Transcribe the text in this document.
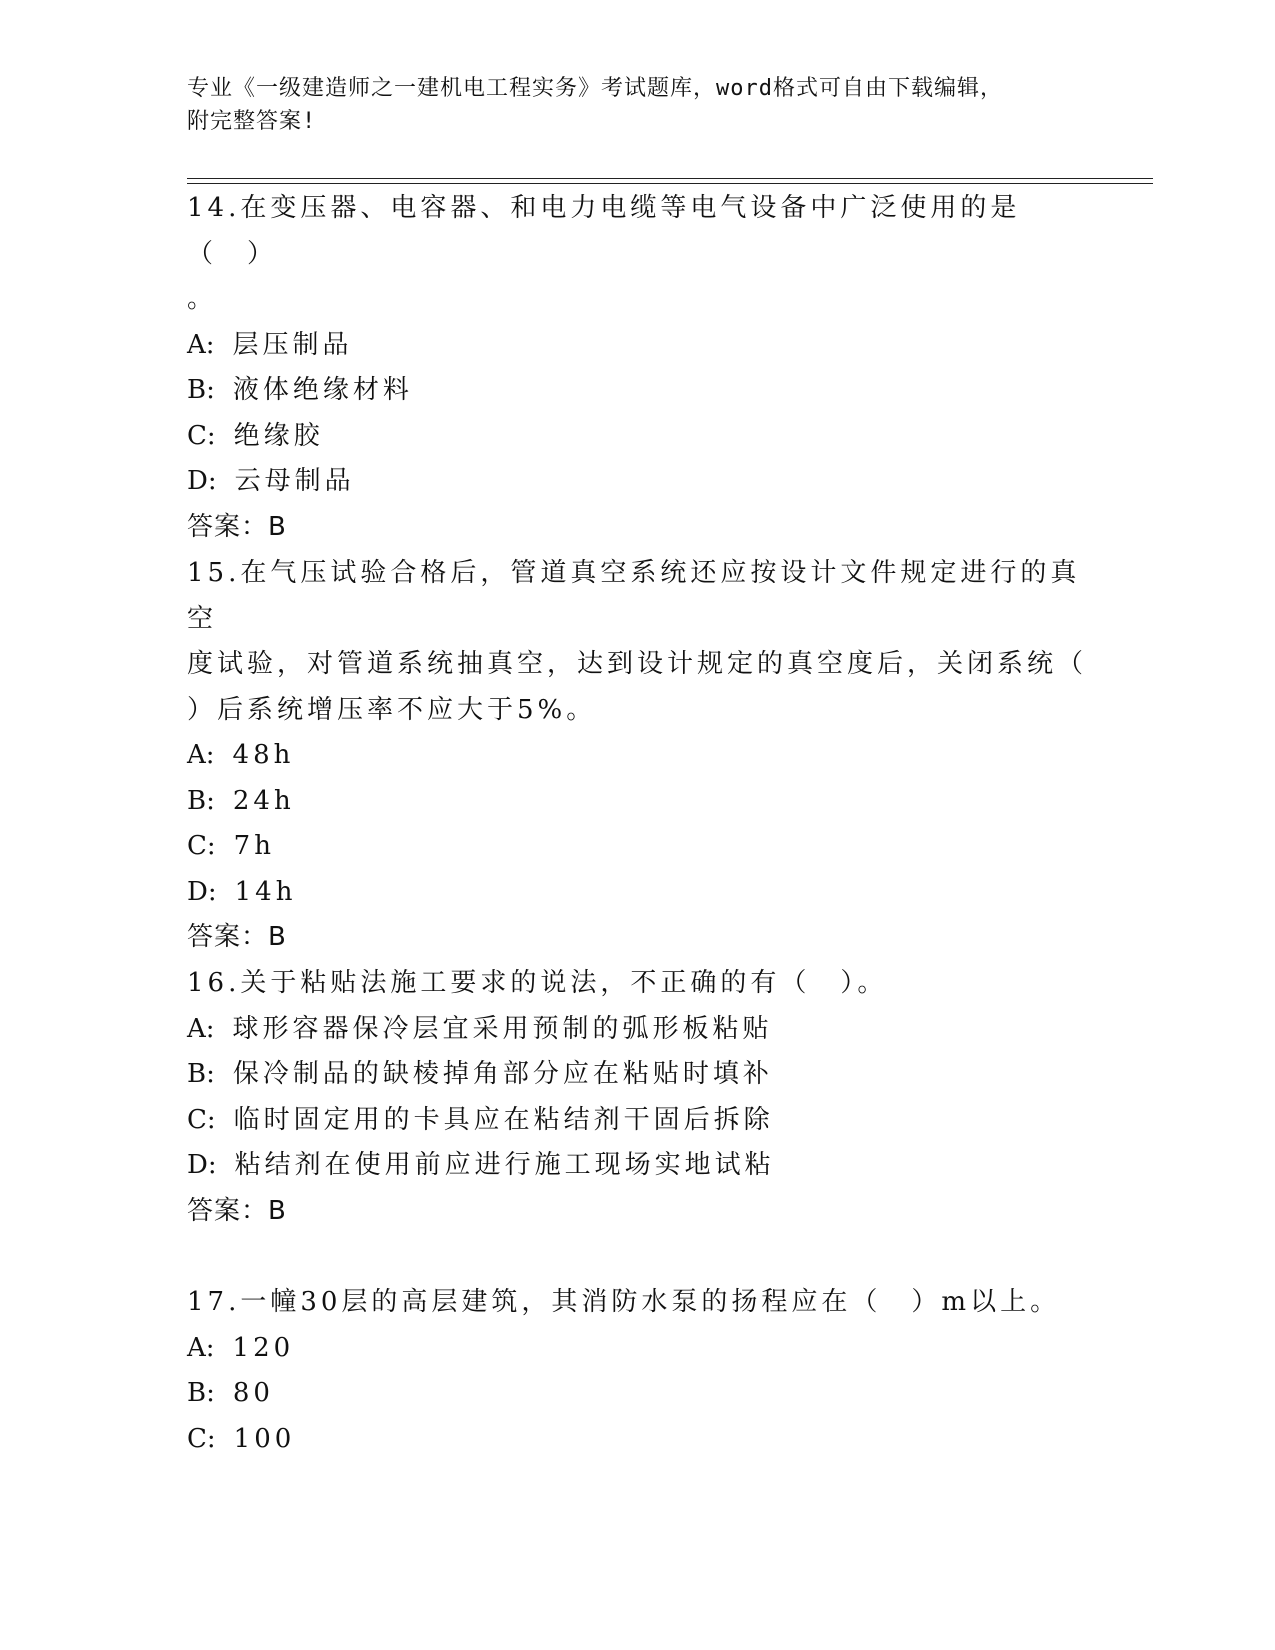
专业《一级建造师之一建机电工程实务》考试题库，word格式可自由下载编辑，
附完整答案!

14.在变压器、电容器、和电力电缆等电气设备中广泛使用的是（　）

。

A: 层压制品

B: 液体绝缘材料

C: 绝缘胶

D: 云母制品

答案：B

15.在气压试验合格后，管道真空系统还应按设计文件规定进行的真空

度试验，对管道系统抽真空，达到设计规定的真空度后，关闭系统（

）后系统增压率不应大于5%。

A: 48h

B: 24h

C: 7h

D: 14h

答案：B

16.关于粘贴法施工要求的说法，不正确的有（　）。

A: 球形容器保冷层宜采用预制的弧形板粘贴

B: 保冷制品的缺棱掉角部分应在粘贴时填补

C: 临时固定用的卡具应在粘结剂干固后拆除

D: 粘结剂在使用前应进行施工现场实地试粘

答案：B

17.一幢30层的高层建筑，其消防水泵的扬程应在（　）m以上。

A: 120

B: 80

C: 100
